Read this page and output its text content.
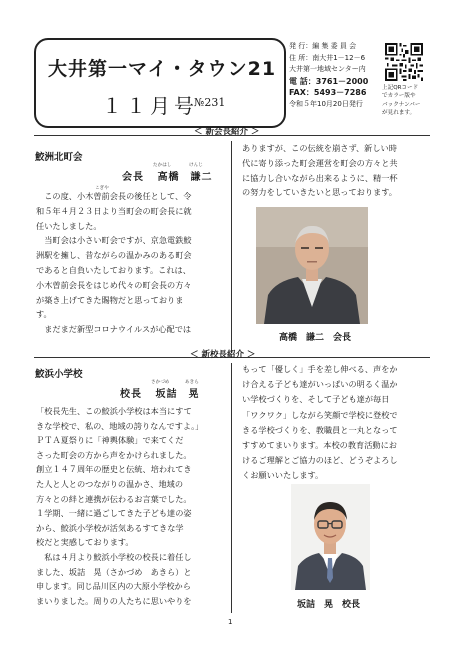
大井第一マイ・タウン21
１１月号
№231
発 行：編 集 委 員 会
住 所：南大井1－12－6
大井第一地域センター内
電 話：3761－2000
FAX：5493－7286
令和５年10月20日発行
上記QRコード
でカラー版や
バックナンバー
が見れます。
＜ 新会長紹介 ＞
鮫洲北町会
たかはし	けんじ
会長 高橋　謙二
こぎや

　この度、小木曽前会長の後任として、令

和５年４月２３日より当町会の町会長に就

任いたしました。

　当町会は小さい町会ですが、京急電鉄鮫

洲駅を擁し、昔ながらの温かみのある町会

であると自負いたしております。これは、

小木曽前会長をはじめ代々の町会長の方々

が築き上げてきた賜物だと思っておりま

す。

　まだまだ新型コロナウイルスが心配では

ありますが、この伝統を崩さず、新しい時

代に寄り添った町会運営を町会の方々と共

に協力し合いながら出来るように、精一杯

の努力をしていきたいと思っております。

高橋　謙二　会長
＜ 新校長紹介 ＞
鮫浜小学校
さかづめ	あきら
校長 坂詰　晃

「校長先生、この鮫浜小学校は本当にすて

きな学校で、私の、地域の誇りなんですよ。」

ＰＴＡ夏祭りに「神輿体験」で来てくだ

さった町会の方から声をかけられました。

創立１４７周年の歴史と伝統、培われてき

た人と人とのつながりの温かさ、地域の

方々との絆と連携が伝わるお言葉でした。

１学期、一緒に過ごしてきた子ども達の姿

から、鮫浜小学校が活気あるすてきな学

校だと実感しております。

　私は４月より鮫浜小学校の校長に着任し

ました、坂詰　晃（さかづめ　あきら）と

申します。同じ品川区内の大原小学校から

まいりました。周りの人たちに思いやりを

もって「優しく」手を差し伸べる、声をか

け合える子ども達がいっぱいの明るく温か

い学校づくりを、そして子ども達が毎日

「ワクワク」しながら笑顔で学校に登校で

きる学校づくりを、教職員と一丸となって

すすめてまいります。本校の教育活動にお

けるご理解とご協力のほど、どうぞよろし

くお願いいたします。

坂詰　晃　校長
1
